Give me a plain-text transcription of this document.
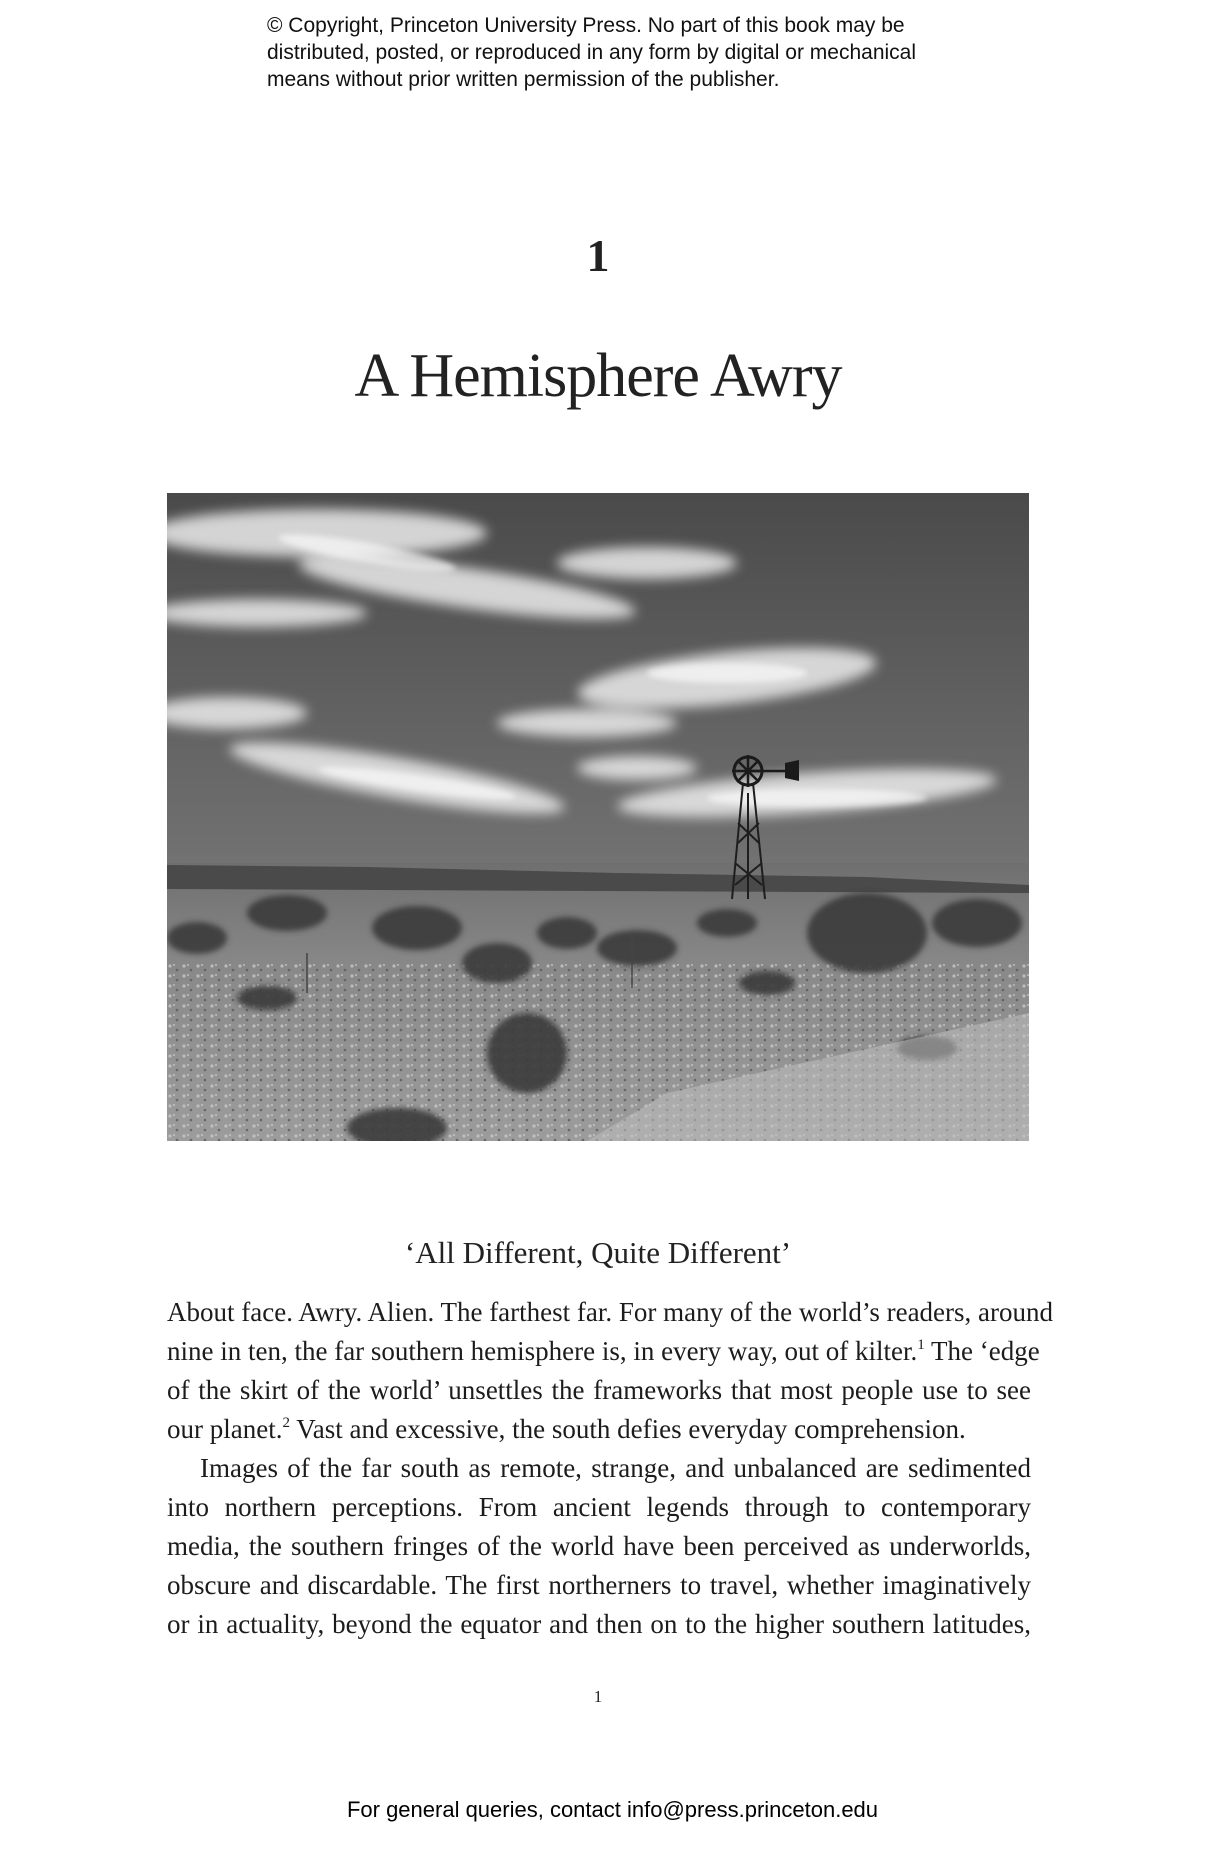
© Copyright, Princeton University Press. No part of this book may be
distributed, posted, or reproduced in any form by digital or mechanical
means without prior written permission of the publisher.
1
A Hemisphere Awry
‘All Different, Quite Different’
About face. Awry. Alien. The farthest far. For many of the world’s readers, around
nine in ten, the far southern hemisphere is, in every way, out of kilter.$^1$ The ‘edge
of the skirt of the world’ unsettles the frameworks that most people use to see
our planet.$^2$ Vast and excessive, the south defies everyday comprehension.
Images of the far south as remote, strange, and unbalanced are sedimented
into northern perceptions. From ancient legends through to contemporary
media, the southern fringes of the world have been perceived as underworlds,
obscure and discardable. The first northerners to travel, whether imaginatively
or in actuality, beyond the equator and then on to the higher southern latitudes,
1
For general queries, contact info@press.princeton.edu
